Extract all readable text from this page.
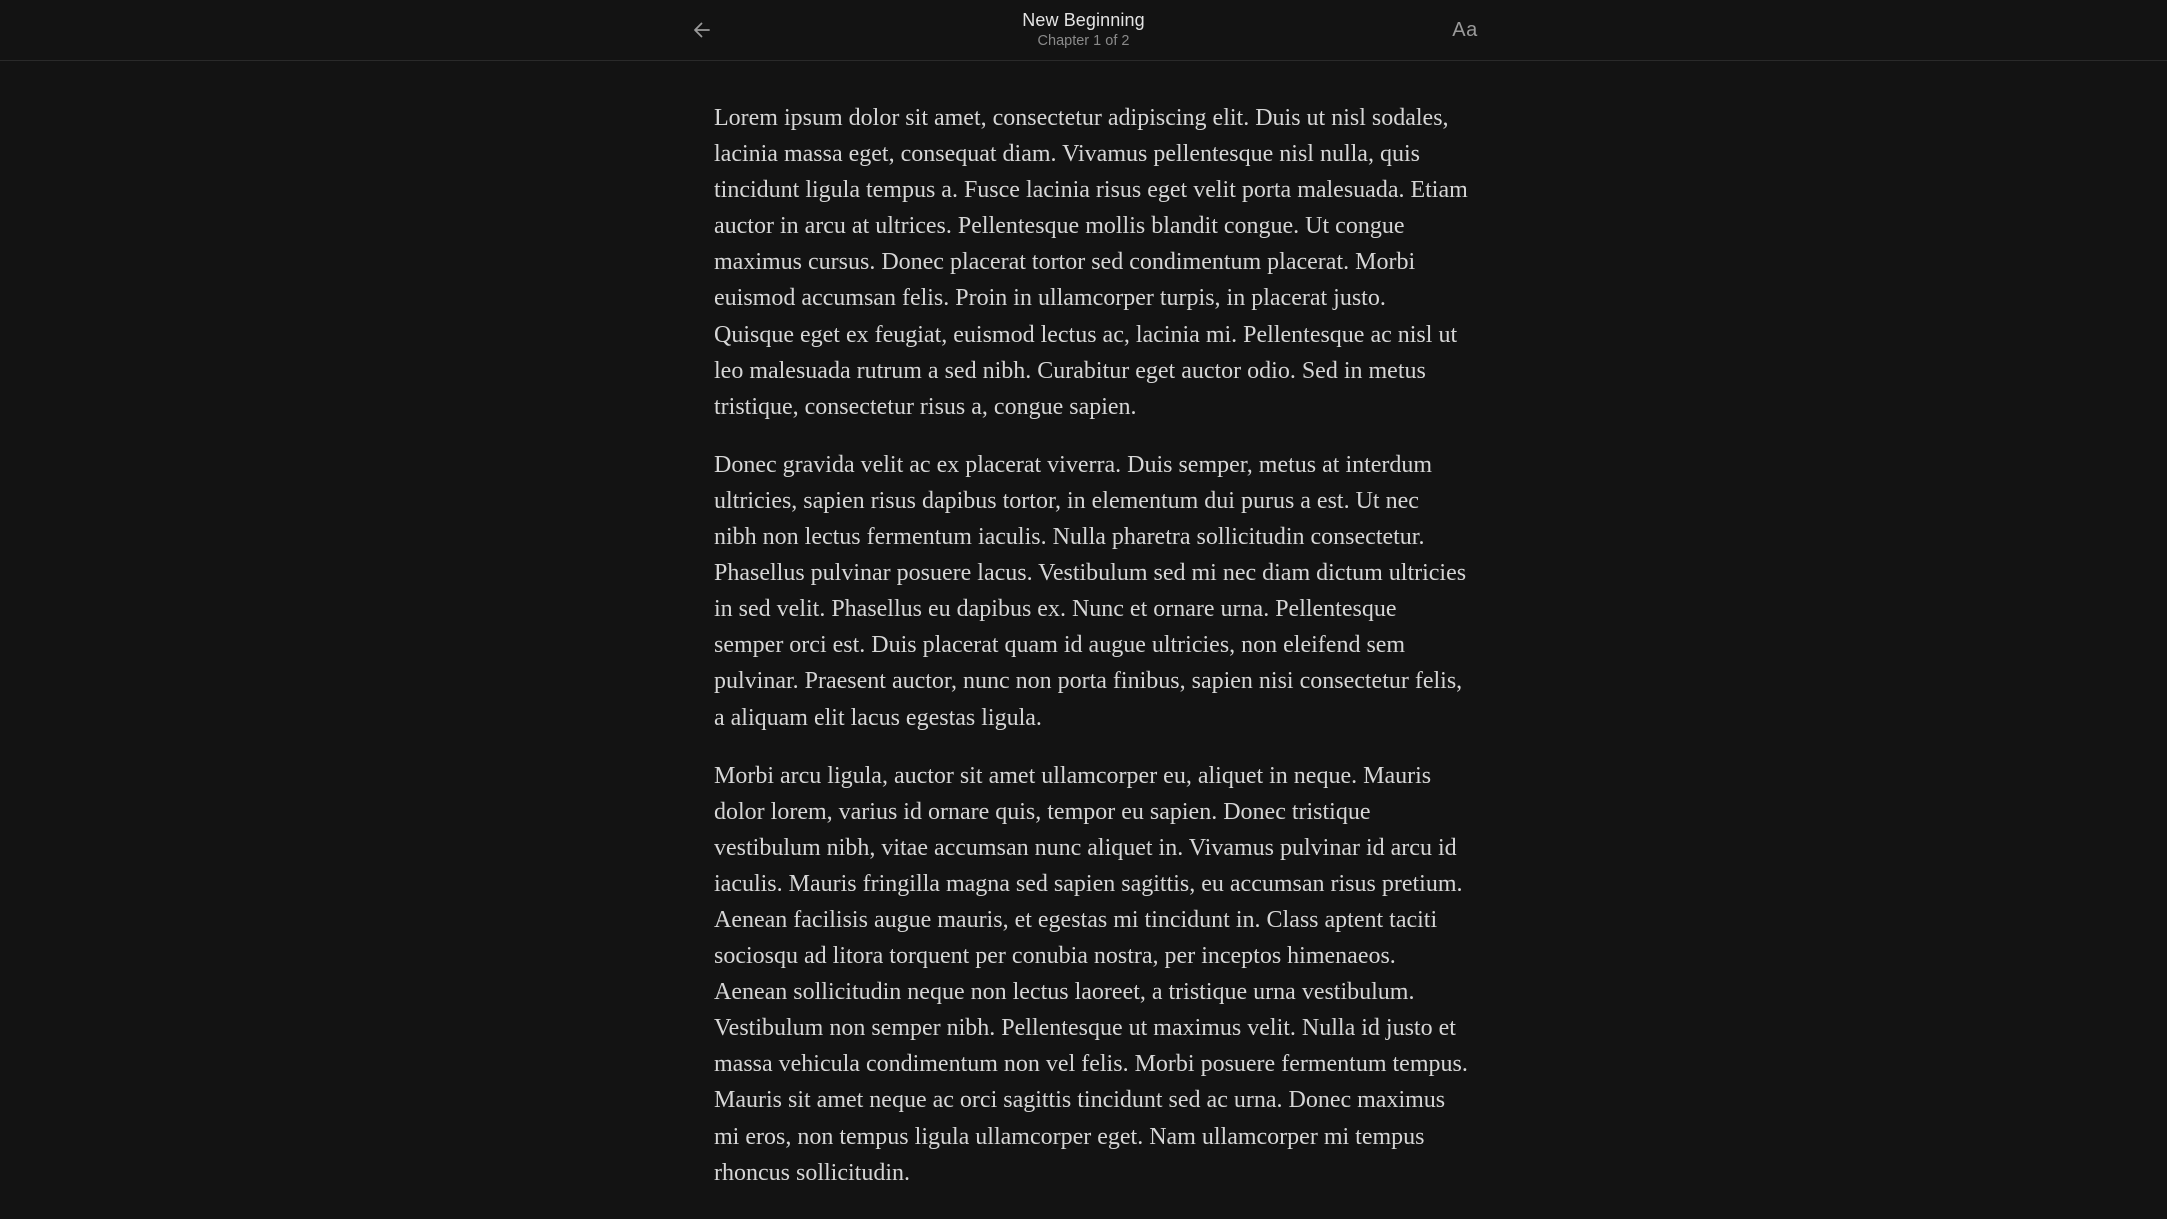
New Beginning
Chapter 1 of 2
Aa

Lorem ipsum dolor sit amet, consectetur adipiscing elit. Duis ut nisl sodales,
lacinia massa eget, consequat diam. Vivamus pellentesque nisl nulla, quis
tincidunt ligula tempus a. Fusce lacinia risus eget velit porta malesuada. Etiam
auctor in arcu at ultrices. Pellentesque mollis blandit congue. Ut congue
maximus cursus. Donec placerat tortor sed condimentum placerat. Morbi
euismod accumsan felis. Proin in ullamcorper turpis, in placerat justo.
Quisque eget ex feugiat, euismod lectus ac, lacinia mi. Pellentesque ac nisl ut
leo malesuada rutrum a sed nibh. Curabitur eget auctor odio. Sed in metus
tristique, consectetur risus a, congue sapien.

Donec gravida velit ac ex placerat viverra. Duis semper, metus at interdum
ultricies, sapien risus dapibus tortor, in elementum dui purus a est. Ut nec
nibh non lectus fermentum iaculis. Nulla pharetra sollicitudin consectetur.
Phasellus pulvinar posuere lacus. Vestibulum sed mi nec diam dictum ultricies
in sed velit. Phasellus eu dapibus ex. Nunc et ornare urna. Pellentesque
semper orci est. Duis placerat quam id augue ultricies, non eleifend sem
pulvinar. Praesent auctor, nunc non porta finibus, sapien nisi consectetur felis,
a aliquam elit lacus egestas ligula.

Morbi arcu ligula, auctor sit amet ullamcorper eu, aliquet in neque. Mauris
dolor lorem, varius id ornare quis, tempor eu sapien. Donec tristique
vestibulum nibh, vitae accumsan nunc aliquet in. Vivamus pulvinar id arcu id
iaculis. Mauris fringilla magna sed sapien sagittis, eu accumsan risus pretium.
Aenean facilisis augue mauris, et egestas mi tincidunt in. Class aptent taciti
sociosqu ad litora torquent per conubia nostra, per inceptos himenaeos.
Aenean sollicitudin neque non lectus laoreet, a tristique urna vestibulum.
Vestibulum non semper nibh. Pellentesque ut maximus velit. Nulla id justo et
massa vehicula condimentum non vel felis. Morbi posuere fermentum tempus.
Mauris sit amet neque ac orci sagittis tincidunt sed ac urna. Donec maximus
mi eros, non tempus ligula ullamcorper eget. Nam ullamcorper mi tempus
rhoncus sollicitudin.
